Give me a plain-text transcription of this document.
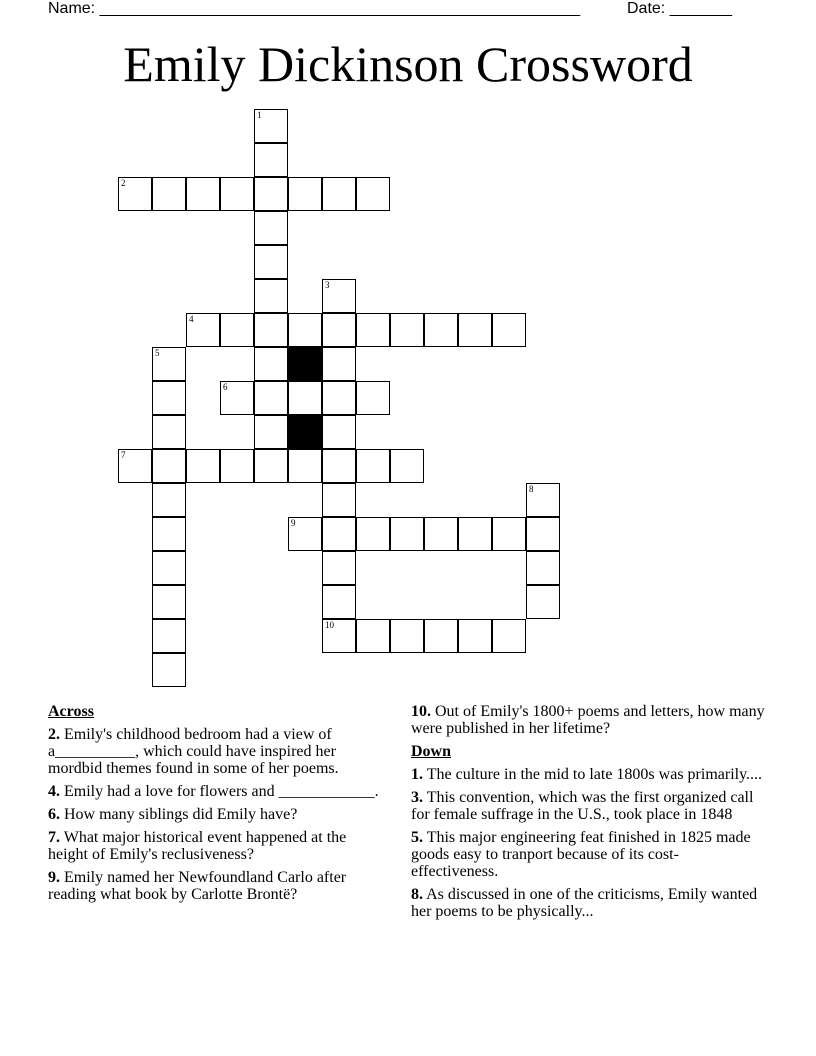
Name: ______________________________________________________	Date: _______
Emily Dickinson Crossword
1
2
3
4
5
6
7
8
9
10
Across
2. Emily's childhood bedroom had a view of a__________, which could have inspired her mordbid themes found in some of her poems.
4. Emily had a love for flowers and ____________.
6. How many siblings did Emily have?
7. What major historical event happened at the height of Emily's reclusiveness?
9. Emily named her Newfoundland Carlo after reading what book by Carlotte Brontë?
10. Out of Emily's 1800+ poems and letters, how many were published in her lifetime?
Down
1. The culture in the mid to late 1800s was primarily....
3. This convention, which was the first organized call for female suffrage in the U.S., took place in 1848
5. This major engineering feat finished in 1825 made goods easy to tranport because of its cost-effectiveness.
8. As discussed in one of the criticisms, Emily wanted her poems to be physically...
